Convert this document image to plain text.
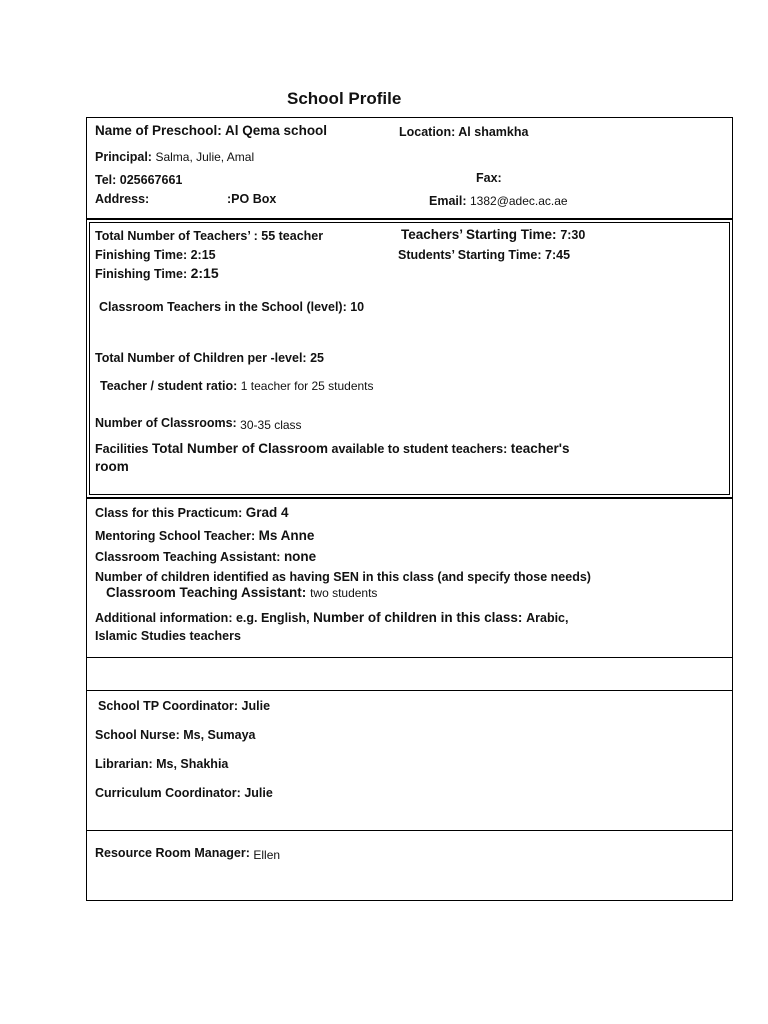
School Profile
Name of Preschool: Al Qema school	Location: Al shamkha
Principal: Salma, Julie, Amal
Tel: 025667661	Fax:
Address:	:PO Box	Email: 1382@adec.ac.ae
Total Number of Teachers’ : 55 teacher	Teachers’ Starting Time: 7:30
Finishing Time: 2:15	Students’ Starting Time: 7:45
Finishing Time: 2:15
Classroom Teachers in the School (level): 10
Total Number of Children per -level: 25
Teacher / student ratio: 1 teacher for 25 students
Number of Classrooms: 30-35 class
Facilities Total Number of Classroom available to student teachers: teacher's
room
Class for this Practicum: Grad 4
Mentoring School Teacher: Ms Anne
Classroom Teaching Assistant: none
Number of children identified as having SEN in this class (and specify those needs)
Classroom Teaching Assistant: two students
Additional information: e.g. English, Number of children in this class: Arabic,
Islamic Studies teachers
School TP Coordinator: Julie
School Nurse: Ms, Sumaya
Librarian: Ms, Shakhia
Curriculum Coordinator: Julie
Resource Room Manager: Ellen
